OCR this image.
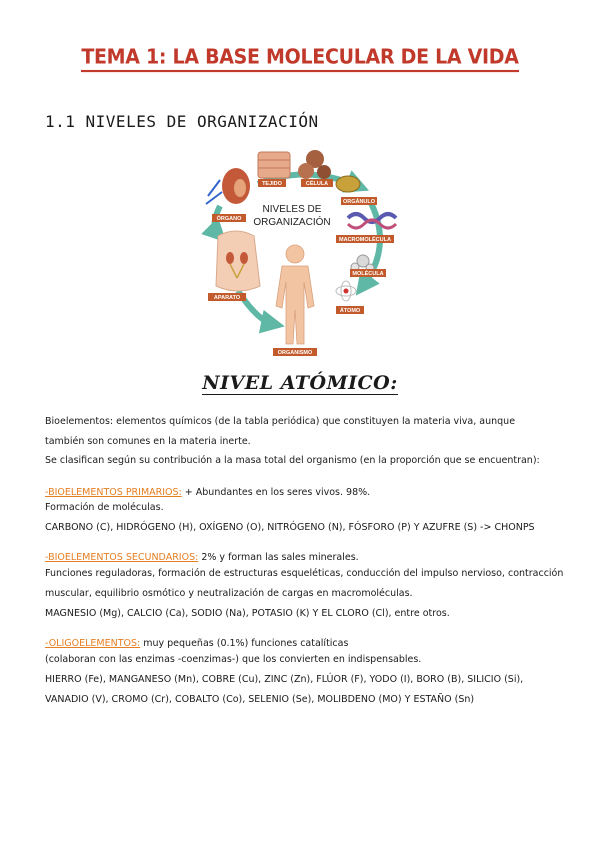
TEMA 1: LA BASE MOLECULAR DE LA VIDA
1.1 NIVELES DE ORGANIZACIÓN
NIVELES DE
ORGANIZACIÓN
TEJIDO	CÉLULA
ORGÁNULO
MACROMOLÉCULA
MOLÉCULA
ÁTOMO
ORGANISMO
APARATO
ÓRGANO
NIVEL ATÓMICO:
Bioelementos: elementos químicos (de la tabla periódica) que constituyen la materia viva, aunque
también son comunes en la materia inerte.
Se clasifican según su contribución a la masa total del organismo (en la proporción que se encuentran):
-BIOELEMENTOS PRIMARIOS: + Abundantes en los seres vivos. 98%.
Formación de moléculas.
CARBONO (C), HIDRÓGENO (H), OXÍGENO (O), NITRÓGENO (N), FÓSFORO (P) Y AZUFRE (S) -> CHONPS
-BIOELEMENTOS SECUNDARIOS: 2% y forman las sales minerales.
Funciones reguladoras, formación de estructuras esqueléticas, conducción del impulso nervioso, contracción
muscular, equilibrio osmótico y neutralización de cargas en macromoléculas.
MAGNESIO (Mg), CALCIO (Ca), SODIO (Na), POTASIO (K) Y EL CLORO (Cl), entre otros.
-OLIGOELEMENTOS: muy pequeñas (0.1%) funciones catalíticas
(colaboran con las enzimas -coenzimas-) que los convierten en indispensables.
HIERRO (Fe), MANGANESO (Mn), COBRE (Cu), ZINC (Zn), FLÚOR (F), YODO (I), BORO (B), SILICIO (Si),
VANADIO (V), CROMO (Cr), COBALTO (Co), SELENIO (Se), MOLIBDENO (MO) Y ESTAÑO (Sn)
